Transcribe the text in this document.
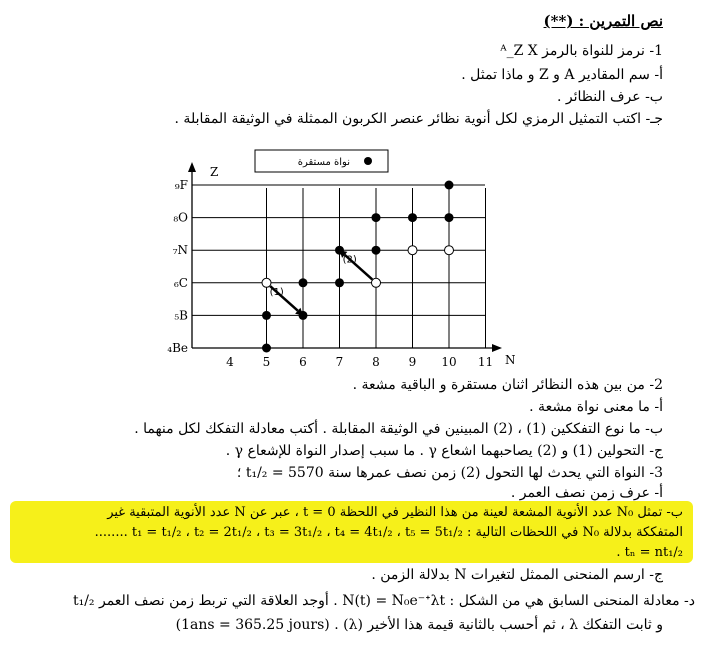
نص التمرين : (**)
1- نرمز للنواة بالرمز ᴬ_Z X
أ- سم المقادير A و Z و ماذا تمثل .
ب- عرف النظائر .
جـ- اكتب التمثيل الرمزي لكل أنوية نظائر عنصر الكربون الممثلة في الوثيقة المقابلة .
Z
N
4 5 6 7 8 9 10 11
₄Be
₅B
₆C
₇N
₈O
₉F
(1)
(2)
نواة مستقرة
2- من بين هذه النظائر اثنان مستقرة و الباقية مشعة .
أ- ما معنى نواة مشعة .
ب- ما نوع التفككين (1) ، (2) المبينين في الوثيقة المقابلة . أكتب معادلة التفكك لكل منهما .
ج- التحولين (1) و (2) يصاحبهما اشعاع γ . ما سبب إصدار النواة للإشعاع γ .
3- النواة التي يحدث لها التحول (2) زمن نصف عمرها سنة t₁/₂ = 5570 ؛
أ- عرف زمن نصف العمر .
ب- تمثل N₀ عدد الأنوية المشعة لعينة من هذا النظير في اللحظة t = 0 ، عبر عن N عدد الأنوية المتبقية غير
المتفككة بدلالة N₀ في اللحظات التالية : t₁ = t₁/₂ ، t₂ = 2t₁/₂ ، t₃ = 3t₁/₂ ، t₄ = 4t₁/₂ ، t₅ = 5t₁/₂ ........
tₙ = nt₁/₂ .
ج- ارسم المنحنى الممثل لتغيرات N بدلالة الزمن .
د- معادلة المنحنى السابق هي من الشكل : N(t) = N₀e⁻ᐩλt . أوجد العلاقة التي تربط زمن نصف العمر t₁/₂
و ثابت التفكك λ ، ثم أحسب بالثانية قيمة هذا الأخير (λ) . (1ans = 365.25 jours)
